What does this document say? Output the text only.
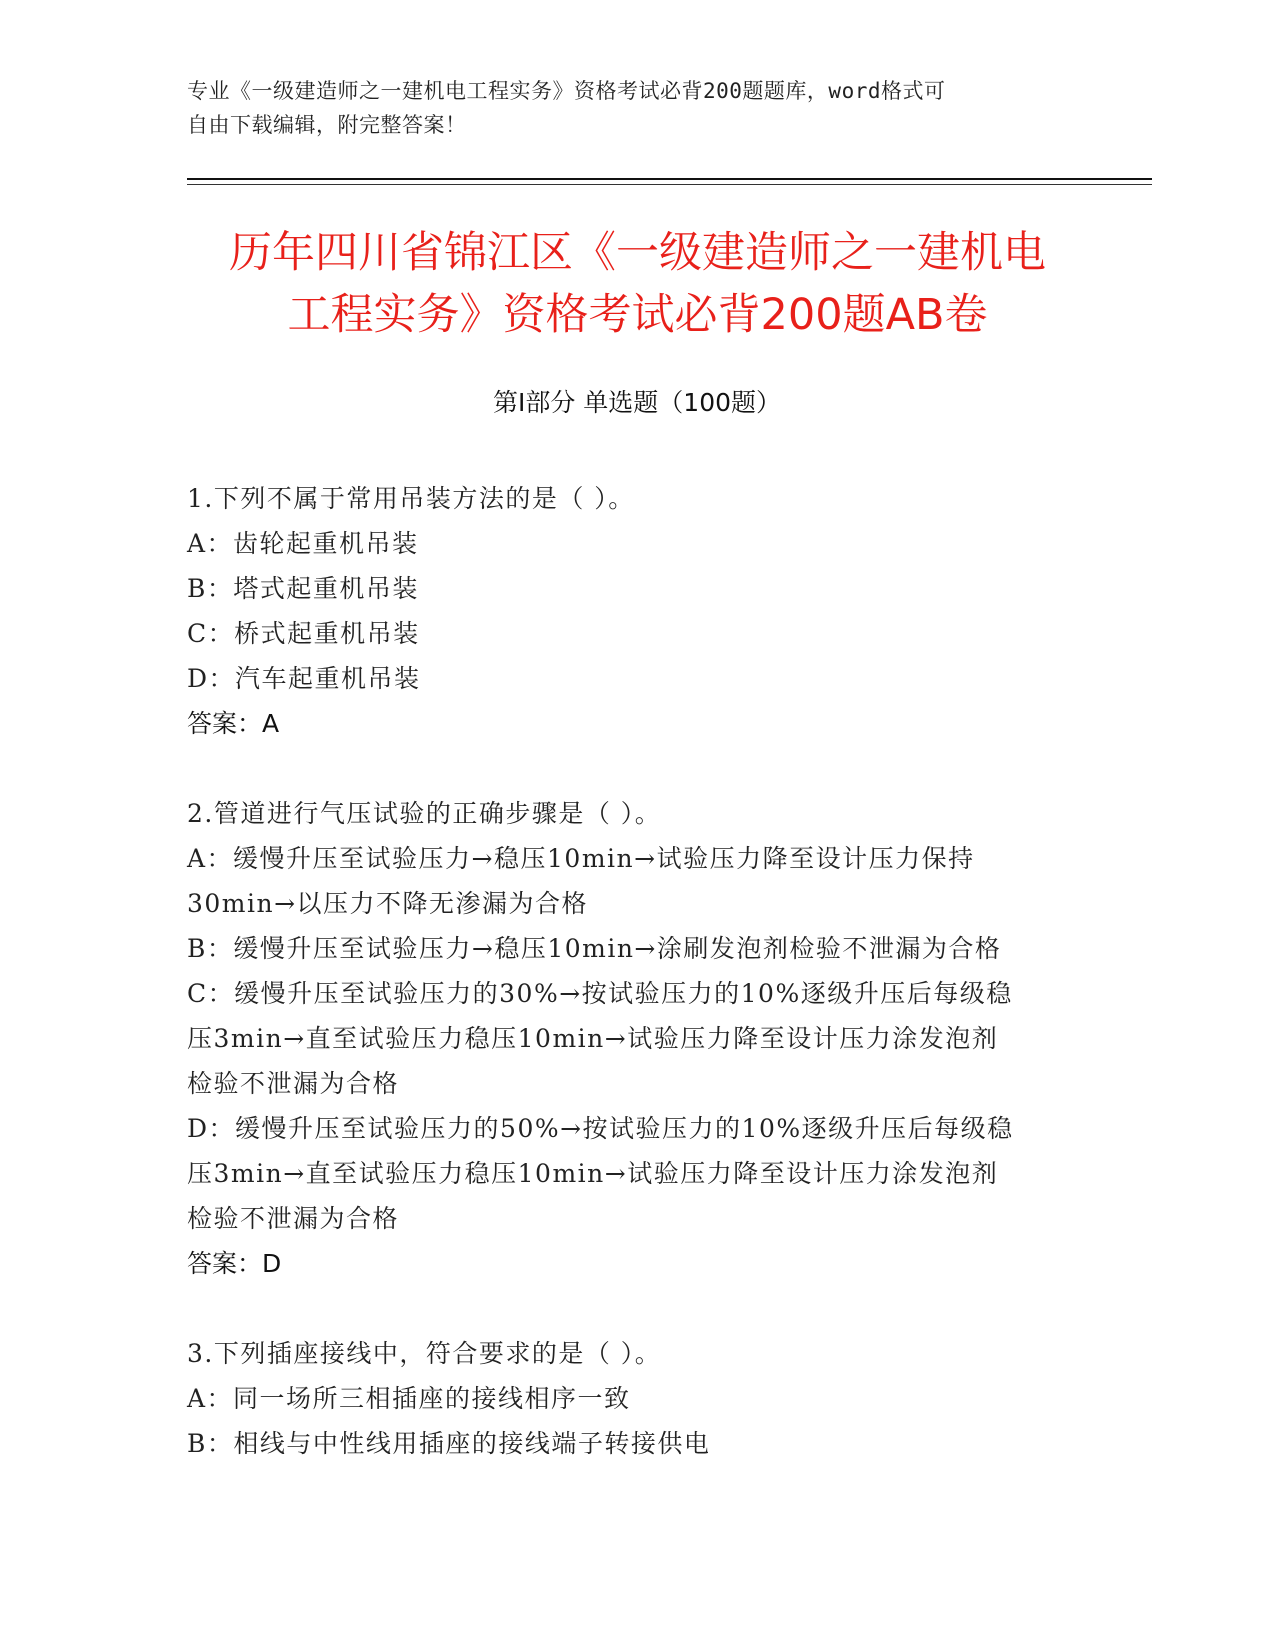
专业《一级建造师之一建机电工程实务》资格考试必背200题题库，word格式可
自由下载编辑，附完整答案！
历年四川省锦江区《一级建造师之一建机电
工程实务》资格考试必背200题AB卷
第I部分 单选题（100题）
1.下列不属于常用吊装方法的是（ ）。
A：齿轮起重机吊装
B：塔式起重机吊装
C：桥式起重机吊装
D：汽车起重机吊装
答案：A
2.管道进行气压试验的正确步骤是（ ）。
A：缓慢升压至试验压力→稳压10min→试验压力降至设计压力保持
30min→以压力不降无渗漏为合格
B：缓慢升压至试验压力→稳压10min→涂刷发泡剂检验不泄漏为合格
C：缓慢升压至试验压力的30%→按试验压力的10%逐级升压后每级稳
压3min→直至试验压力稳压10min→试验压力降至设计压力涂发泡剂
检验不泄漏为合格
D：缓慢升压至试验压力的50%→按试验压力的10%逐级升压后每级稳
压3min→直至试验压力稳压10min→试验压力降至设计压力涂发泡剂
检验不泄漏为合格
答案：D
3.下列插座接线中，符合要求的是（ ）。
A：同一场所三相插座的接线相序一致
B：相线与中性线用插座的接线端子转接供电
